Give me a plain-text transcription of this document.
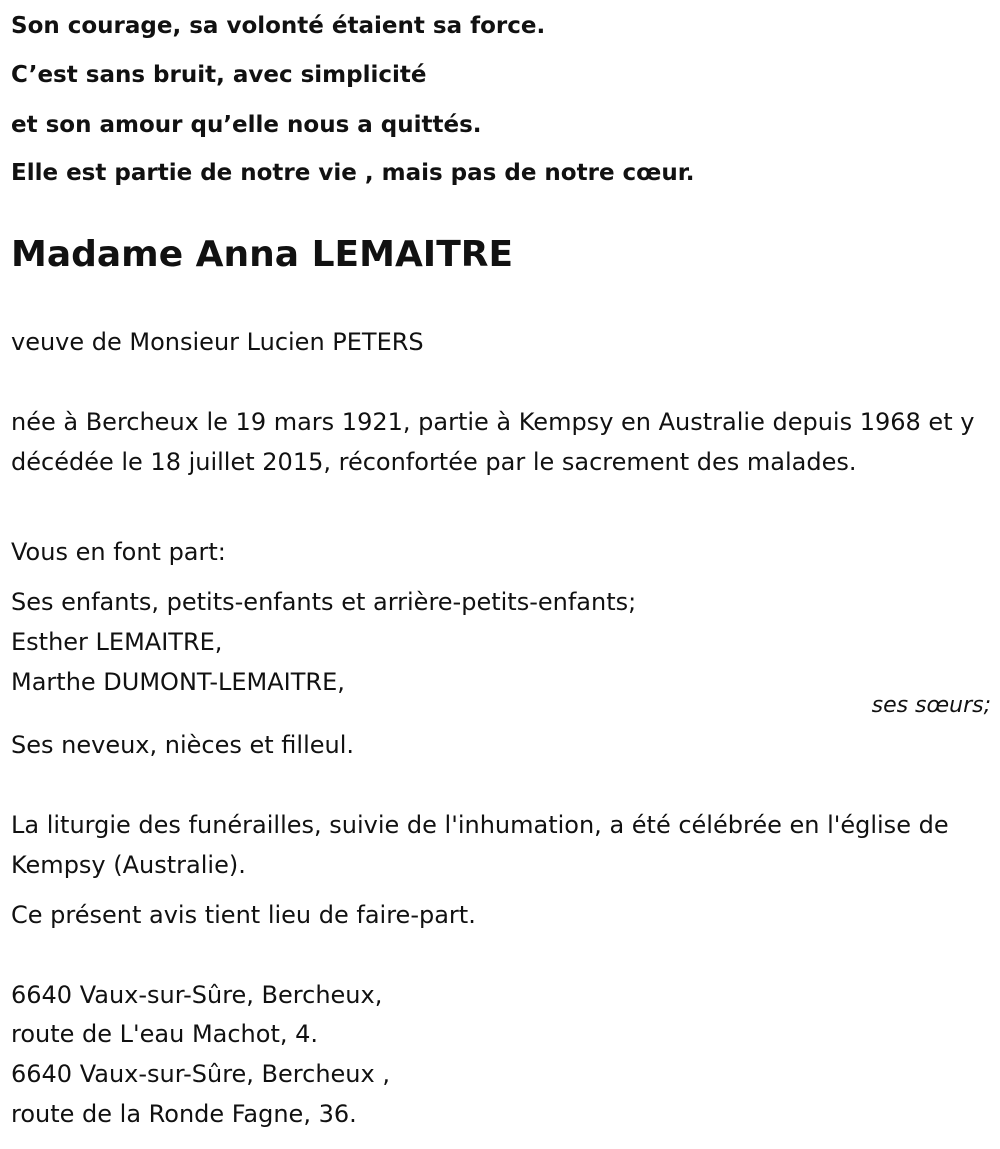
Son courage, sa volonté étaient sa force.
C’est sans bruit, avec simplicité
et son amour qu’elle nous a quittés.
Elle est partie de notre vie , mais pas de notre cœur.
Madame Anna LEMAITRE
veuve de Monsieur Lucien PETERS
née à Bercheux le 19 mars 1921, partie à Kempsy en Australie depuis 1968 et y décédée le 18 juillet 2015, réconfortée par le sacrement des malades.
Vous en font part:
Ses enfants, petits-enfants et arrière-petits-enfants;
Esther LEMAITRE,
Marthe DUMONT-LEMAITRE,
ses sœurs;
Ses neveux, nièces et filleul.
La liturgie des funérailles, suivie de l'inhumation, a été célébrée en l'église de Kempsy (Australie).
Ce présent avis tient lieu de faire-part.
6640 Vaux-sur-Sûre, Bercheux,
route de L'eau Machot, 4.
6640 Vaux-sur-Sûre, Bercheux ,
route de la Ronde Fagne, 36.
